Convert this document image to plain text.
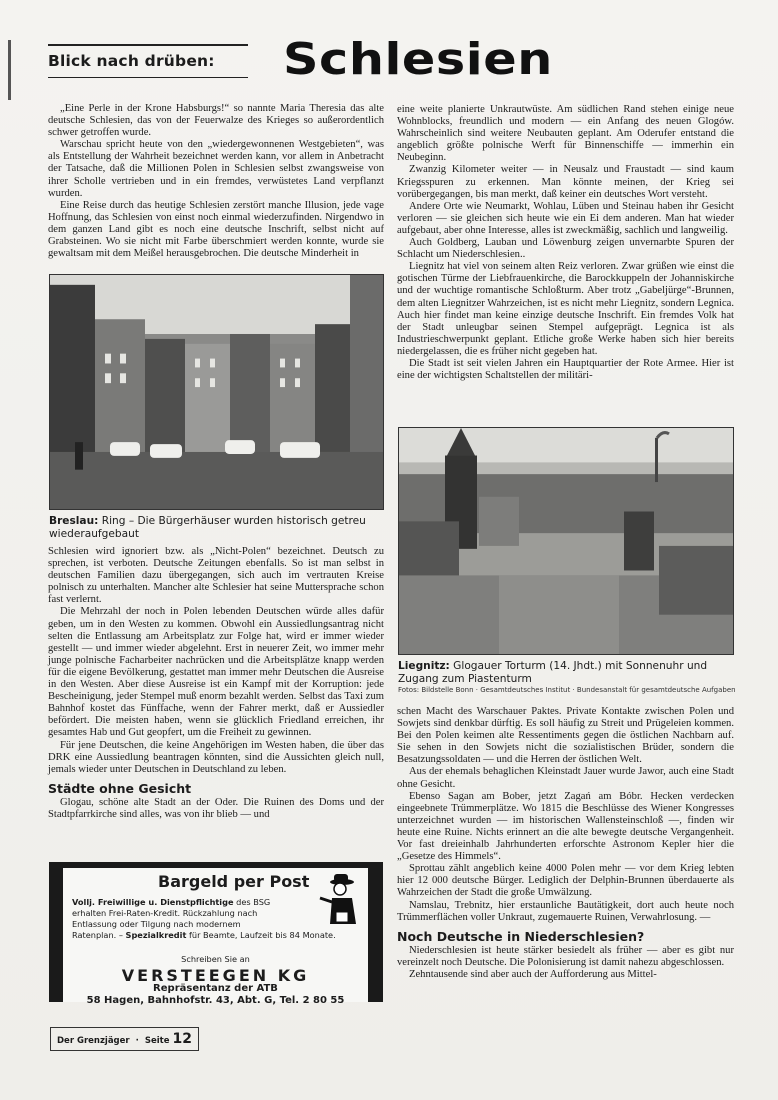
Blick nach drüben:	Schlesien

„Eine Perle in der Krone Habsburgs!“ so nannte Maria Theresia das alte deutsche Schlesien, das von der Feuerwalze des Krieges so außerordentlich schwer getroffen wurde.

Warschau spricht heute von den „wiedergewonnenen Westgebieten“, was als Entstellung der Wahrheit bezeichnet werden kann, vor allem in Anbetracht der Tatsache, daß die Millionen Polen in Schlesien selbst zwangsweise von ihrer Scholle vertrieben und in ein fremdes, verwüstetes Land verpflanzt wurden.

Eine Reise durch das heutige Schlesien zerstört manche Illusion, jede vage Hoffnung, das Schlesien von einst noch einmal wiederzufinden. Nirgendwo in dem ganzen Land gibt es noch eine deutsche Inschrift, selbst nicht auf Grabsteinen. Wo sie nicht mit Farbe überschmiert werden konnte, wurde sie gewaltsam mit dem Meißel herausgebrochen. Die deutsche Minderheit in

Breslau: Ring – Die Bürgerhäuser wurden historisch getreu wiederaufgebaut

Schlesien wird ignoriert bzw. als „Nicht-Polen“ bezeichnet. Deutsch zu sprechen, ist verboten. Deutsche Zeitungen ebenfalls. So ist man selbst in deutschen Familien dazu übergegangen, sich auch im vertrauten Kreise polnisch zu unterhalten. Mancher alte Schlesier hat seine Muttersprache schon fast verlernt.

Die Mehrzahl der noch in Polen lebenden Deutschen würde alles dafür geben, um in den Westen zu kommen. Obwohl ein Aussiedlungsantrag nicht selten die Entlassung am Arbeitsplatz zur Folge hat, wird er immer wieder gestellt — und immer wieder abgelehnt. Erst in neuerer Zeit, wo immer mehr junge polnische Facharbeiter nachrücken und die Arbeitsplätze knapp werden für die eigene Bevölkerung, gestattet man immer mehr Deutschen die Ausreise in den Westen. Aber diese Ausreise ist ein Kampf mit der Korruption: jede Bescheinigung, jeder Stempel muß enorm bezahlt werden. Selbst das Taxi zum Bahnhof kostet das Fünffache, wenn der Fahrer merkt, daß er Aussiedler befördert. Die meisten haben, wenn sie glücklich Friedland erreichen, ihr gesamtes Hab und Gut geopfert, um die Freiheit zu gewinnen.

Für jene Deutschen, die keine Angehörigen im Westen haben, die über das DRK eine Aussiedlung beantragen könnten, sind die Aussichten gleich null, jemals wieder unter Deutschen in Deutschland zu leben.

Städte ohne Gesicht

Glogau, schöne alte Stadt an der Oder. Die Ruinen des Doms und der Stadtpfarrkirche sind alles, was von ihr blieb — und

Bargeld per Post
Vollj. Freiwillige u. Dienstpflichtige des BSG
erhalten Frei-Raten-Kredit. Rückzahlung nach
Entlassung oder Tilgung nach modernem
Ratenplan. – Spezialkredit für Beamte, Laufzeit bis 84 Monate.
Schreiben Sie an
VERSTEEGEN KG
Repräsentanz der ATB
58 Hagen, Bahnhofstr. 43, Abt. G, Tel. 2 80 55
Der Grenzjäger · Seite 12

eine weite planierte Unkrautwüste. Am südlichen Rand stehen einige neue Wohnblocks, freundlich und modern — ein Anfang des neuen Glogów. Wahrscheinlich sind weitere Neubauten geplant. Am Oderufer entstand die angeblich größte polnische Werft für Binnenschiffe — immerhin ein Neubeginn.

Zwanzig Kilometer weiter — in Neusalz und Fraustadt — sind kaum Kriegsspuren zu erkennen. Man könnte meinen, der Krieg sei vorübergegangen, bis man merkt, daß keiner ein deutsches Wort versteht.

Andere Orte wie Neumarkt, Wohlau, Lüben und Steinau haben ihr Gesicht verloren — sie gleichen sich heute wie ein Ei dem anderen. Man hat wieder aufgebaut, aber ohne Interesse, alles ist zweckmäßig, sachlich und langweilig.

Auch Goldberg, Lauban und Löwenburg zeigen unvernarbte Spuren der Schlacht um Niederschlesien..

Liegnitz hat viel von seinem alten Reiz verloren. Zwar grüßen wie einst die gotischen Türme der Liebfrauenkirche, die Barockkuppeln der Johanniskirche und der wuchtige romantische Schloßturm. Aber trotz „Gabeljürge“-Brunnen, dem alten Liegnitzer Wahrzeichen, ist es nicht mehr Liegnitz, sondern Legnica. Auch hier findet man keine einzige deutsche Inschrift. Ein fremdes Volk hat der Stadt unleugbar seinen Stempel aufgeprägt. Legnica ist als Industrieschwerpunkt geplant. Etliche große Werke haben sich hier bereits niedergelassen, die es früher nicht gegeben hat.

Die Stadt ist seit vielen Jahren ein Hauptquartier der Rote Armee. Hier ist eine der wichtigsten Schaltstellen der militäri-

Liegnitz: Glogauer Torturm (14. Jhdt.) mit Sonnenuhr und Zugang zum Piastenturm
Fotos: Bildstelle Bonn · Gesamtdeutsches Institut · Bundesanstalt für gesamtdeutsche Aufgaben

schen Macht des Warschauer Paktes. Private Kontakte zwischen Polen und Sowjets sind denkbar dürftig. Es soll häufig zu Streit und Prügeleien kommen. Bei den Polen keimen alte Ressentiments gegen die östlichen Nachbarn auf. Sie sehen in den Sowjets nicht die sozialistischen Brüder, sondern die Besatzungssoldaten — und die Herren der östlichen Welt.

Aus der ehemals behaglichen Kleinstadt Jauer wurde Jawor, auch eine Stadt ohne Gesicht.

Ebenso Sagan am Bober, jetzt Zagań am Bóbr. Hecken verdecken eingeebnete Trümmerplätze. Wo 1815 die Beschlüsse des Wiener Kongresses unterzeichnet wurden — im historischen Wallensteinschloß —, finden wir heute eine Ruine. Nichts erinnert an die alte bewegte deutsche Vergangenheit. Vor fast dreieinhalb Jahrhunderten erforschte Astronom Kepler hier die „Gesetze des Himmels“.

Sprottau zählt angeblich keine 4000 Polen mehr — vor dem Krieg lebten hier 12 000 deutsche Bürger. Lediglich der Delphin-Brunnen überdauerte als Wahrzeichen der Stadt die große Umwälzung.

Namslau, Trebnitz, hier erstaunliche Bautätigkeit, dort auch heute noch Trümmerflächen voller Unkraut, zugemauerte Ruinen, Verwahrlosung. —

Noch Deutsche in Niederschlesien?

Niederschlesien ist heute stärker besiedelt als früher — aber es gibt nur vereinzelt noch Deutsche. Die Polonisierung ist damit nahezu abgeschlossen.

Zehntausende sind aber auch der Aufforderung aus Mittel-
